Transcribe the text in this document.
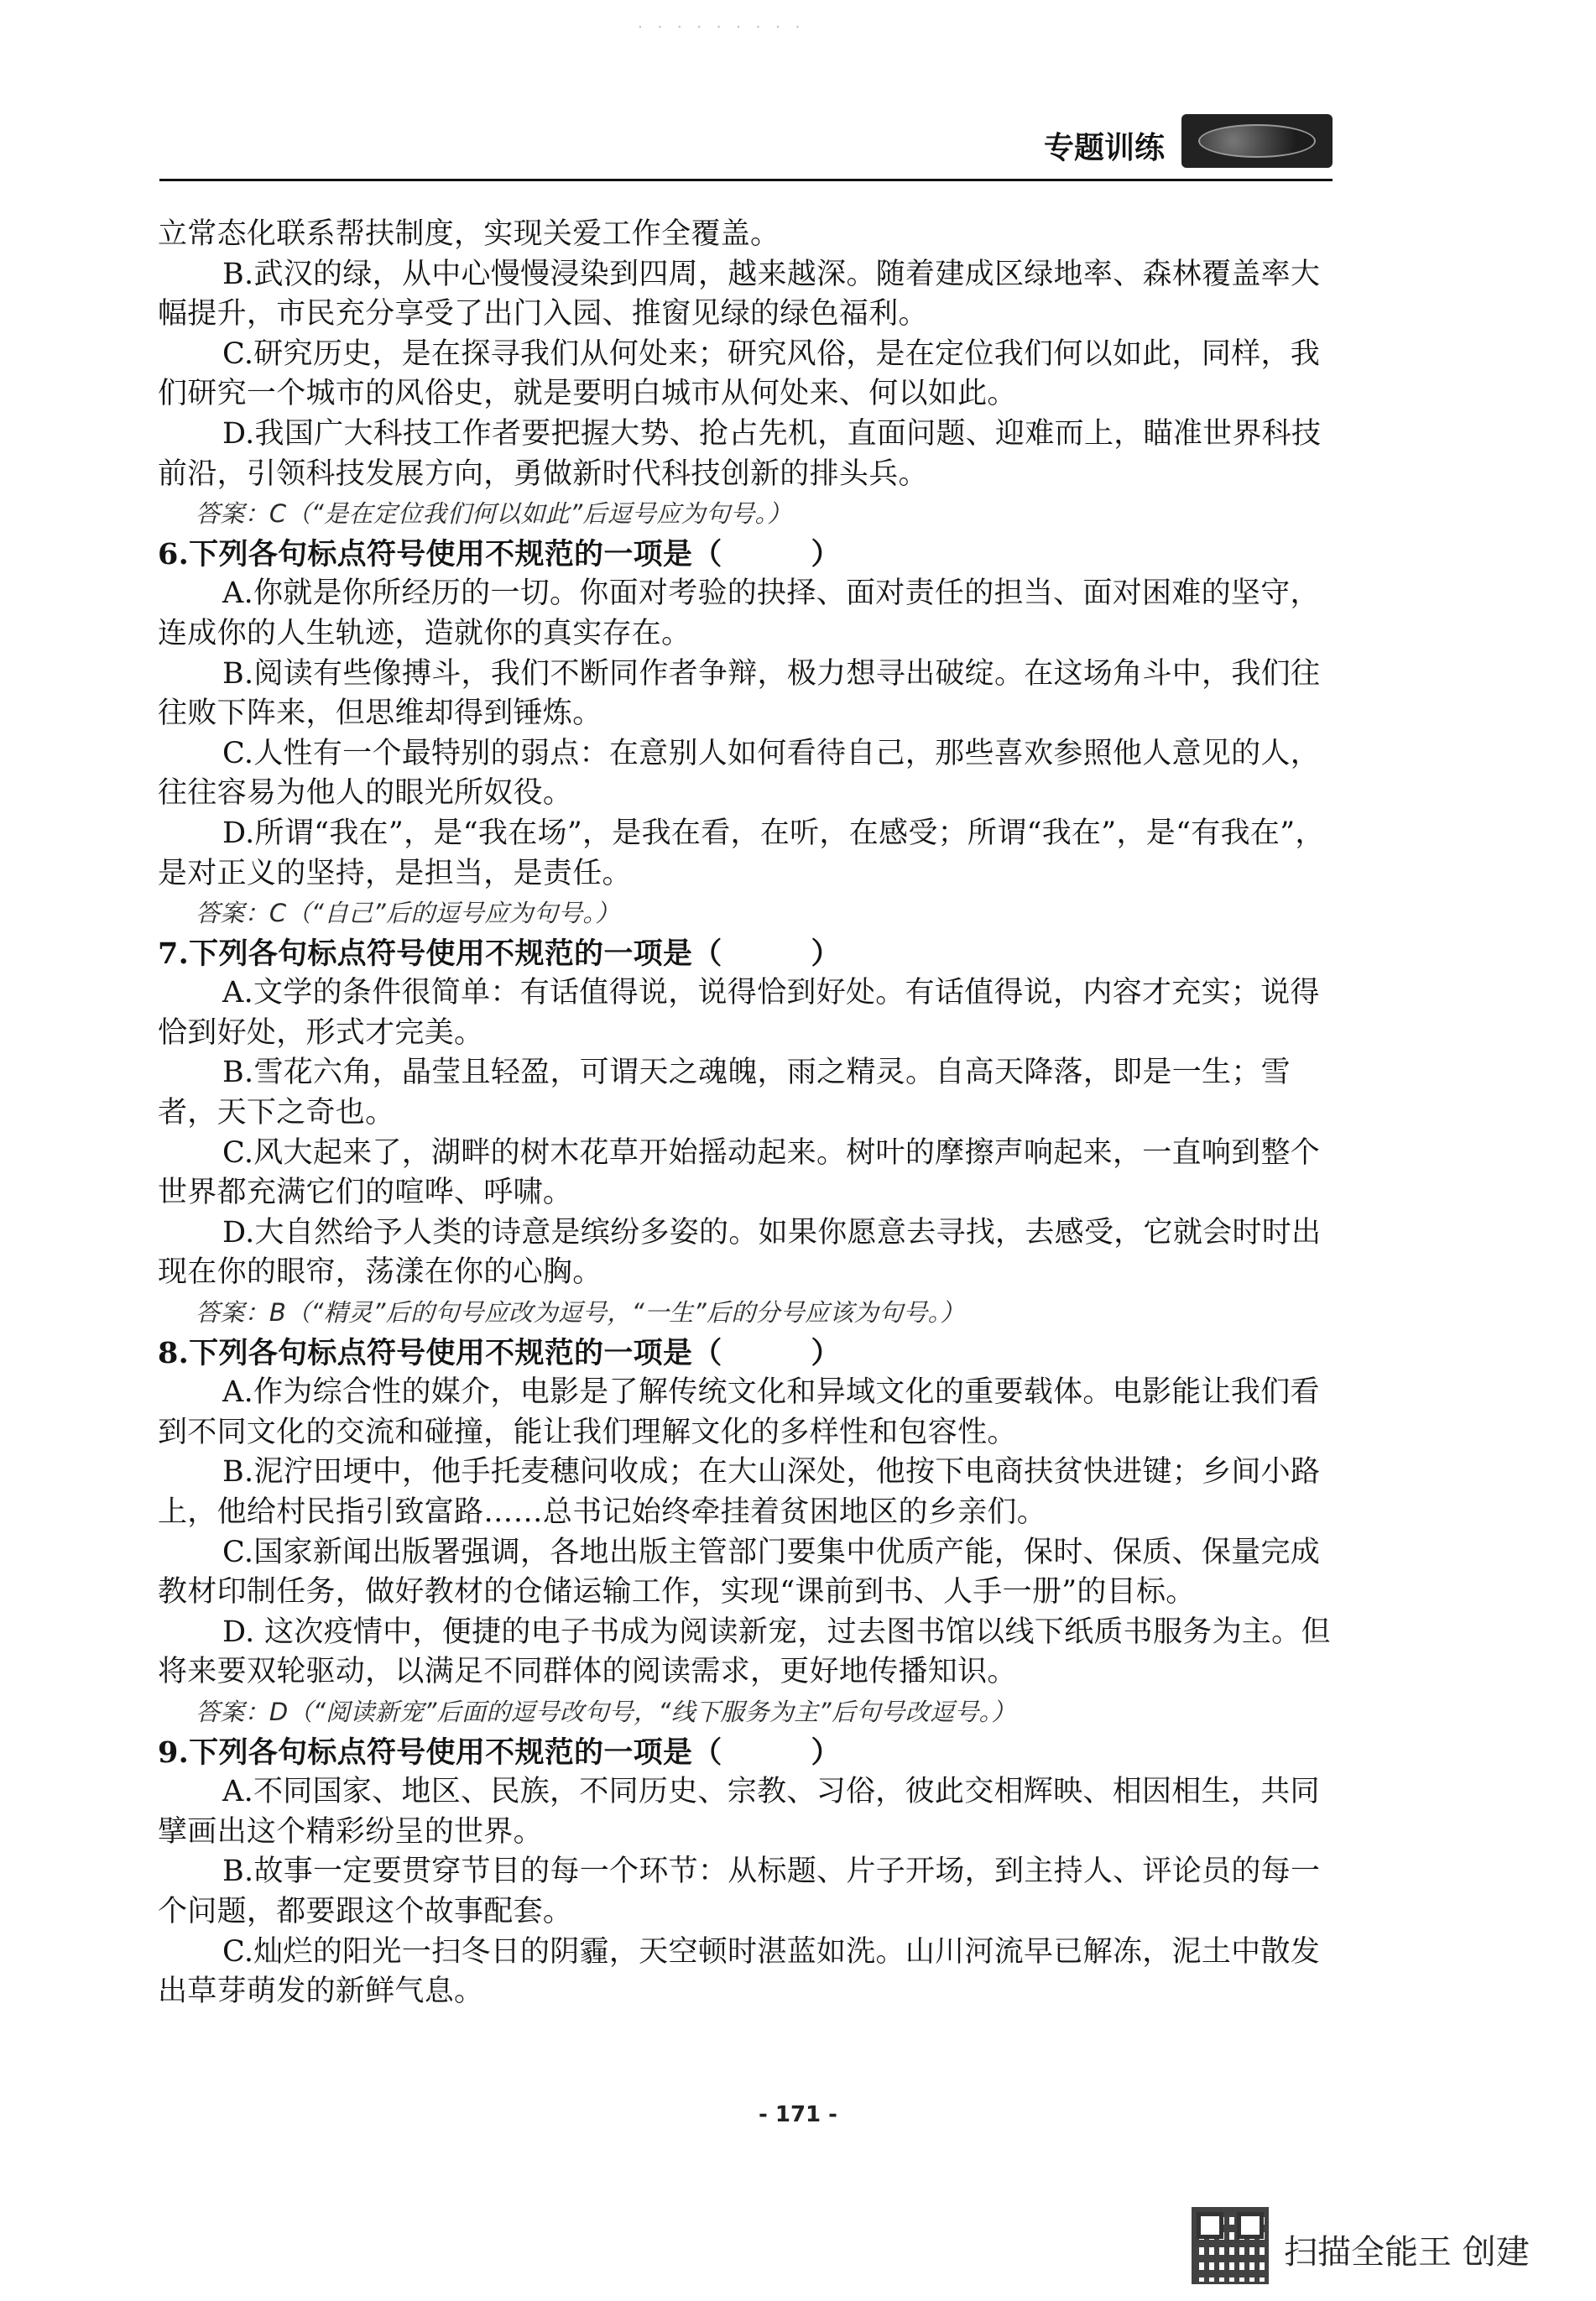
· · · · · · · · ·
专题训练

立常态化联系帮扶制度，实现关爱工作全覆盖。

B.武汉的绿，从中心慢慢浸染到四周，越来越深。随着建成区绿地率、森林覆盖率大幅提升，市民充分享受了出门入园、推窗见绿的绿色福利。

C.研究历史，是在探寻我们从何处来；研究风俗，是在定位我们何以如此，同样，我们研究一个城市的风俗史，就是要明白城市从何处来、何以如此。

D.我国广大科技工作者要把握大势、抢占先机，直面问题、迎难而上，瞄准世界科技前沿，引领科技发展方向，勇做新时代科技创新的排头兵。

答案：C（“是在定位我们何以如此”后逗号应为句号。）

6.下列各句标点符号使用不规范的一项是（　　　）

A.你就是你所经历的一切。你面对考验的抉择、面对责任的担当、面对困难的坚守，连成你的人生轨迹，造就你的真实存在。

B.阅读有些像搏斗，我们不断同作者争辩，极力想寻出破绽。在这场角斗中，我们往往败下阵来，但思维却得到锤炼。

C.人性有一个最特别的弱点：在意别人如何看待自己，那些喜欢参照他人意见的人，往往容易为他人的眼光所奴役。

D.所谓“我在”，是“我在场”，是我在看，在听，在感受；所谓“我在”，是“有我在”，是对正义的坚持，是担当，是责任。

答案：C（“自己”后的逗号应为句号。）

7.下列各句标点符号使用不规范的一项是（　　　）

A.文学的条件很简单：有话值得说，说得恰到好处。有话值得说，内容才充实；说得恰到好处，形式才完美。

B.雪花六角，晶莹且轻盈，可谓天之魂魄，雨之精灵。自高天降落，即是一生；雪者，天下之奇也。

C.风大起来了，湖畔的树木花草开始摇动起来。树叶的摩擦声响起来，一直响到整个世界都充满它们的喧哗、呼啸。

D.大自然给予人类的诗意是缤纷多姿的。如果你愿意去寻找，去感受，它就会时时出现在你的眼帘，荡漾在你的心胸。

答案：B（“精灵”后的句号应改为逗号，“一生”后的分号应该为句号。）

8.下列各句标点符号使用不规范的一项是（　　　）

A.作为综合性的媒介，电影是了解传统文化和异域文化的重要载体。电影能让我们看到不同文化的交流和碰撞，能让我们理解文化的多样性和包容性。

B.泥泞田埂中，他手托麦穗问收成；在大山深处，他按下电商扶贫快进键；乡间小路上，他给村民指引致富路……总书记始终牵挂着贫困地区的乡亲们。

C.国家新闻出版署强调，各地出版主管部门要集中优质产能，保时、保质、保量完成教材印制任务，做好教材的仓储运输工作，实现“课前到书、人手一册”的目标。

D. 这次疫情中，便捷的电子书成为阅读新宠，过去图书馆以线下纸质书服务为主。但将来要双轮驱动，以满足不同群体的阅读需求，更好地传播知识。

答案：D（“阅读新宠”后面的逗号改句号，“线下服务为主”后句号改逗号。）

9.下列各句标点符号使用不规范的一项是（　　　）

A.不同国家、地区、民族，不同历史、宗教、习俗，彼此交相辉映、相因相生，共同擘画出这个精彩纷呈的世界。

B.故事一定要贯穿节目的每一个环节：从标题、片子开场，到主持人、评论员的每一个问题，都要跟这个故事配套。

C.灿烂的阳光一扫冬日的阴霾，天空顿时湛蓝如洗。山川河流早已解冻，泥土中散发出草芽萌发的新鲜气息。

- 171 -
扫描全能王 创建
